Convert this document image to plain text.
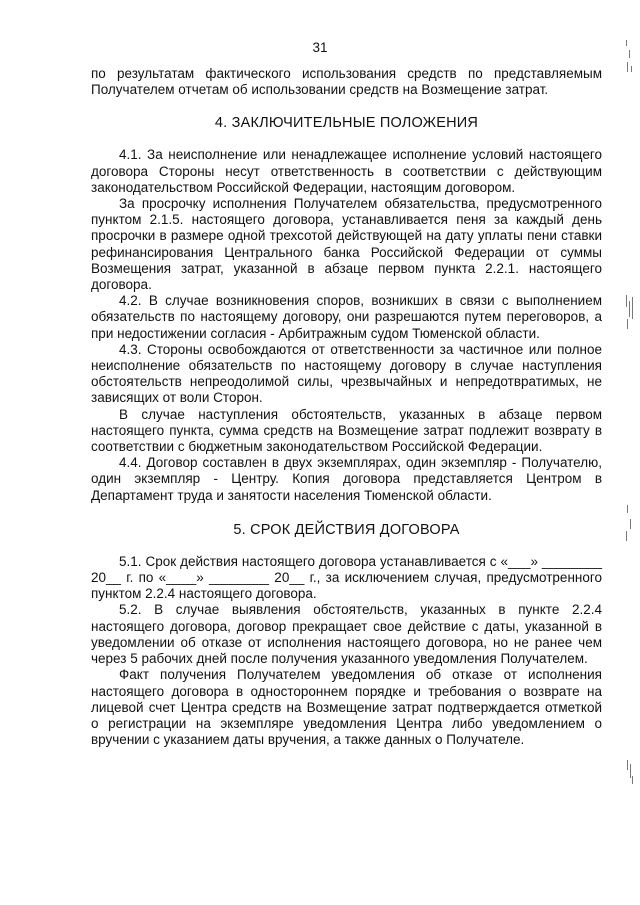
31

по результатам фактического использования средств по представляемым Получателем отчетам об использовании средств на Возмещение затрат.

4. ЗАКЛЮЧИТЕЛЬНЫЕ ПОЛОЖЕНИЯ

4.1. За неисполнение или ненадлежащее исполнение условий настоящего договора Стороны несут ответственность в соответствии с действующим законодательством Российской Федерации, настоящим договором.

За просрочку исполнения Получателем обязательства, предусмотренного пунктом 2.1.5. настоящего договора, устанавливается пеня за каждый день просрочки в размере одной трехсотой действующей на дату уплаты пени ставки рефинансирования Центрального банка Российской Федерации от суммы Возмещения затрат, указанной в абзаце первом пункта 2.2.1. настоящего договора.

4.2. В случае возникновения споров, возникших в связи с выполнением обязательств по настоящему договору, они разрешаются путем переговоров, а при недостижении согласия - Арбитражным судом Тюменской области.

4.3. Стороны освобождаются от ответственности за частичное или полное неисполнение обязательств по настоящему договору в случае наступления обстоятельств непреодолимой силы, чрезвычайных и непредотвратимых, не зависящих от воли Сторон.

В случае наступления обстоятельств, указанных в абзаце первом настоящего пункта, сумма средств на Возмещение затрат подлежит возврату в соответствии с бюджетным законодательством Российской Федерации.

4.4. Договор составлен в двух экземплярах, один экземпляр - Получателю, один экземпляр - Центру. Копия договора представляется Центром в Департамент труда и занятости населения Тюменской области.

5. СРОК ДЕЙСТВИЯ ДОГОВОРА

5.1. Срок действия настоящего договора устанавливается с «___» ________ 20__ г. по «____» ________ 20__ г., за исключением случая, предусмотренного пунктом 2.2.4 настоящего договора.

5.2. В случае выявления обстоятельств, указанных в пункте 2.2.4 настоящего договора, договор прекращает свое действие с даты, указанной в уведомлении об отказе от исполнения настоящего договора, но не ранее чем через 5 рабочих дней после получения указанного уведомления Получателем.

Факт получения Получателем уведомления об отказе от исполнения настоящего договора в одностороннем порядке и требования о возврате на лицевой счет Центра средств на Возмещение затрат подтверждается отметкой о регистрации на экземпляре уведомления Центра либо уведомлением о вручении с указанием даты вручения, а также данных о Получателе.
